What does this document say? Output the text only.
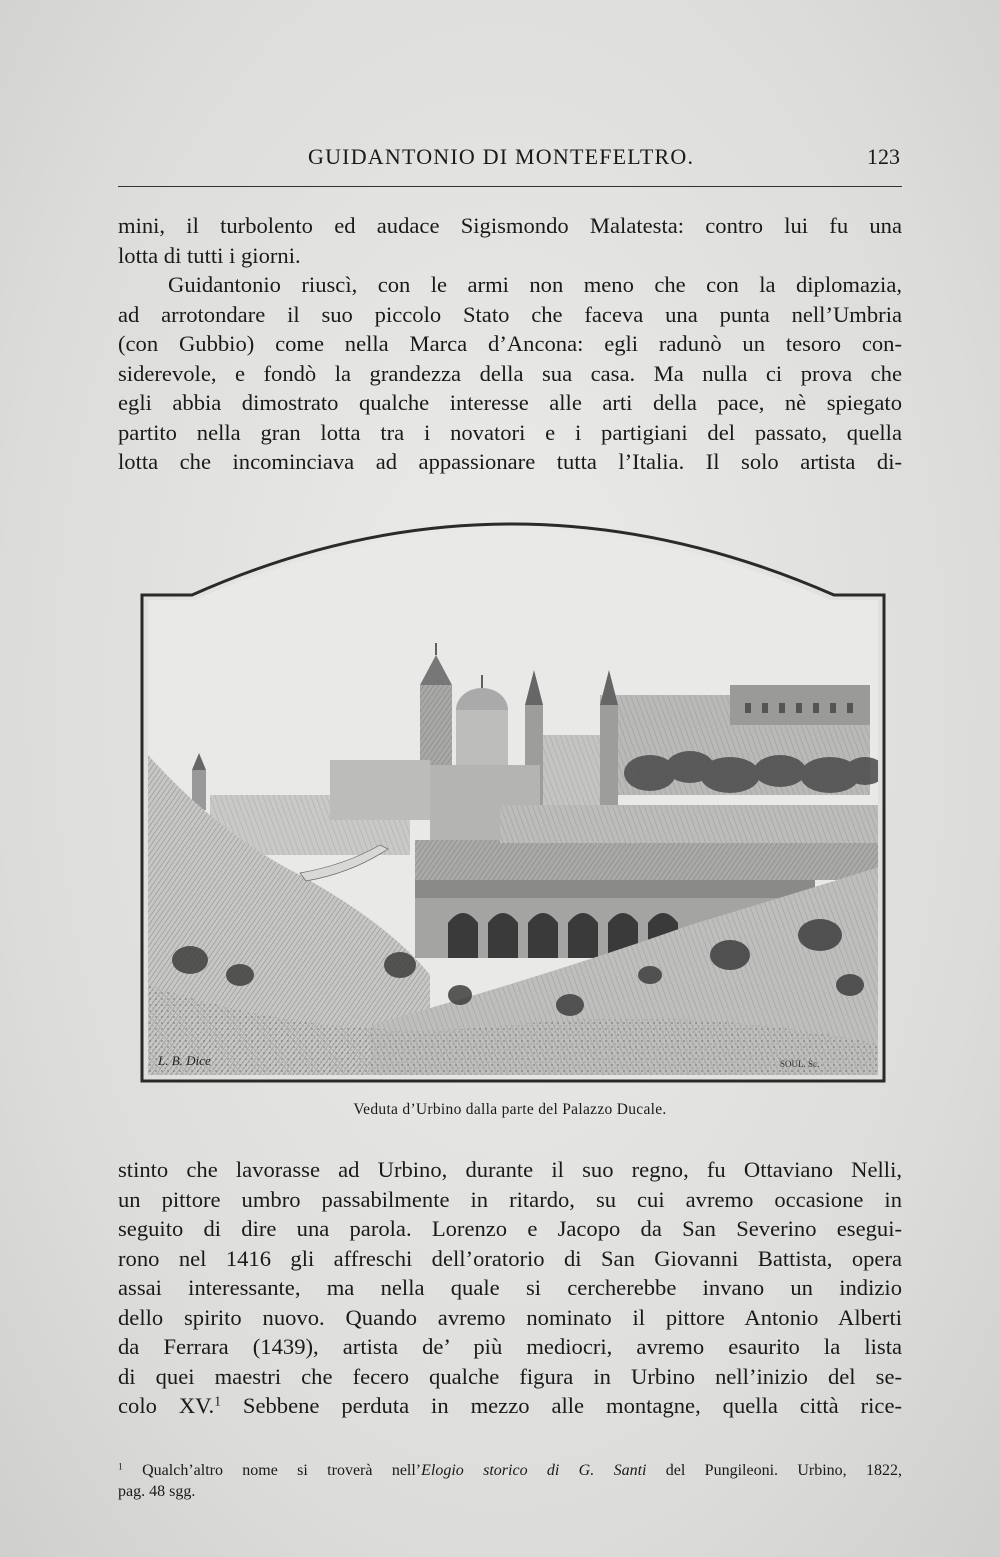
GUIDANTONIO DI MONTEFELTRO.	123
mini, il turbolento ed audace Sigismondo Malatesta: contro lui fu una
lotta di tutti i giorni.
Guidantonio riuscì, con le armi non meno che con la diplomazia,
ad arrotondare il suo piccolo Stato che faceva una punta nell’Umbria
(con Gubbio) come nella Marca d’Ancona: egli radunò un tesoro con-
siderevole, e fondò la grandezza della sua casa. Ma nulla ci prova che
egli abbia dimostrato qualche interesse alle arti della pace, nè spiegato
partito nella gran lotta tra i novatori e i partigiani del passato, quella
lotta che incominciava ad appassionare tutta l’Italia. Il solo artista di-
L. B. Dice	SOUL. Sc.
Veduta d’Urbino dalla parte del Palazzo Ducale.
stinto che lavorasse ad Urbino, durante il suo regno, fu Ottaviano Nelli,
un pittore umbro passabilmente in ritardo, su cui avremo occasione in
seguito di dire una parola. Lorenzo e Jacopo da San Severino esegui-
rono nel 1416 gli affreschi dell’oratorio di San Giovanni Battista, opera
assai interessante, ma nella quale si cercherebbe invano un indizio
dello spirito nuovo. Quando avremo nominato il pittore Antonio Alberti
da Ferrara (1439), artista de’ più mediocri, avremo esaurito la lista
di quei maestri che fecero qualche figura in Urbino nell’inizio del se-
colo XV.$^1$ Sebbene perduta in mezzo alle montagne, quella città rice-
$^1$ Qualch’altro nome si troverà nell’Elogio storico di G. Santi del Pungileoni. Urbino, 1822,
pag. 48 sgg.
